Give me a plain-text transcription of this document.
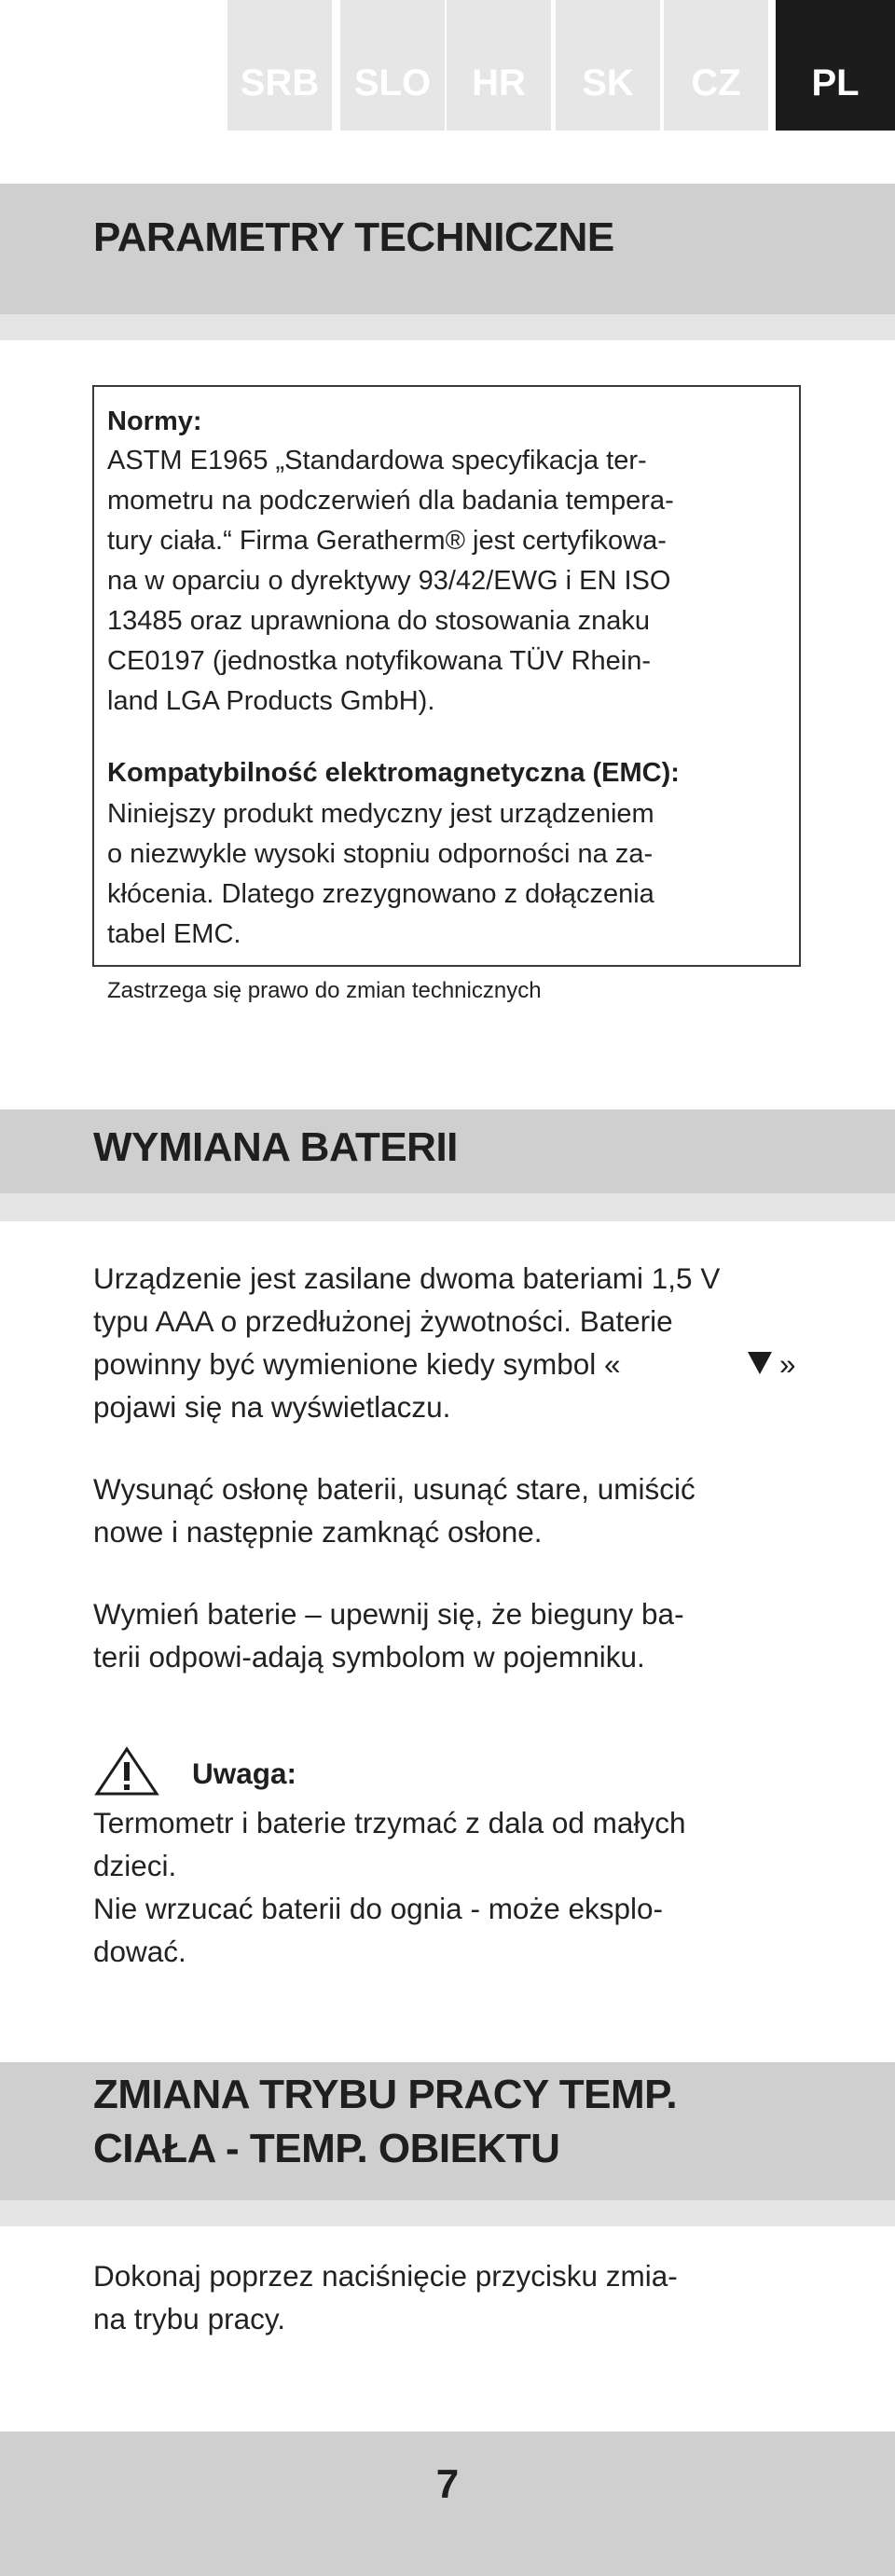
SRB SLO	HR	SK	CZ	PL
PARAMETRY TECHNICZNE

Normy:

ASTM E1965 „Standardowa specyfikacja ter-

mometru na podczerwień dla badania tempera-

tury ciała.“ Firma Geratherm® jest certyfikowa-

na w oparciu o dyrektywy 93/42/EWG i EN ISO

13485 oraz uprawniona do stosowania znaku

CE0197 (jednostka notyfikowana TÜV Rhein-

land LGA Products GmbH).

Kompatybilność elektromagnetyczna (EMC):

Niniejszy produkt medyczny jest urządzeniem

o niezwykle wysoki stopniu odporności na za-

kłócenia. Dlatego zrezygnowano z dołączenia

tabel EMC.

Zastrzega się prawo do zmian technicznych

WYMIANA BATERII

Urządzenie jest zasilane dwoma bateriami 1,5 V

typu AAA o przedłużonej żywotności. Baterie

powinny być wymienione kiedy symbol «	»

pojawi się na wyświetlaczu.

Wysunąć osłonę baterii, usunąć stare, umiścić

nowe i następnie zamknąć osłone.

Wymień baterie – upewnij się, że bieguny ba-

terii odpowi-adają symbolom w pojemniku.

Uwaga:

Termometr i baterie trzymać z dala od małych

dzieci.

Nie wrzucać baterii do ognia - może eksplo-

dować.

ZMIANA TRYBU PRACY TEMP.
CIAŁA - TEMP. OBIEKTU

Dokonaj poprzez naciśnięcie przycisku zmia-

na trybu pracy.

7
